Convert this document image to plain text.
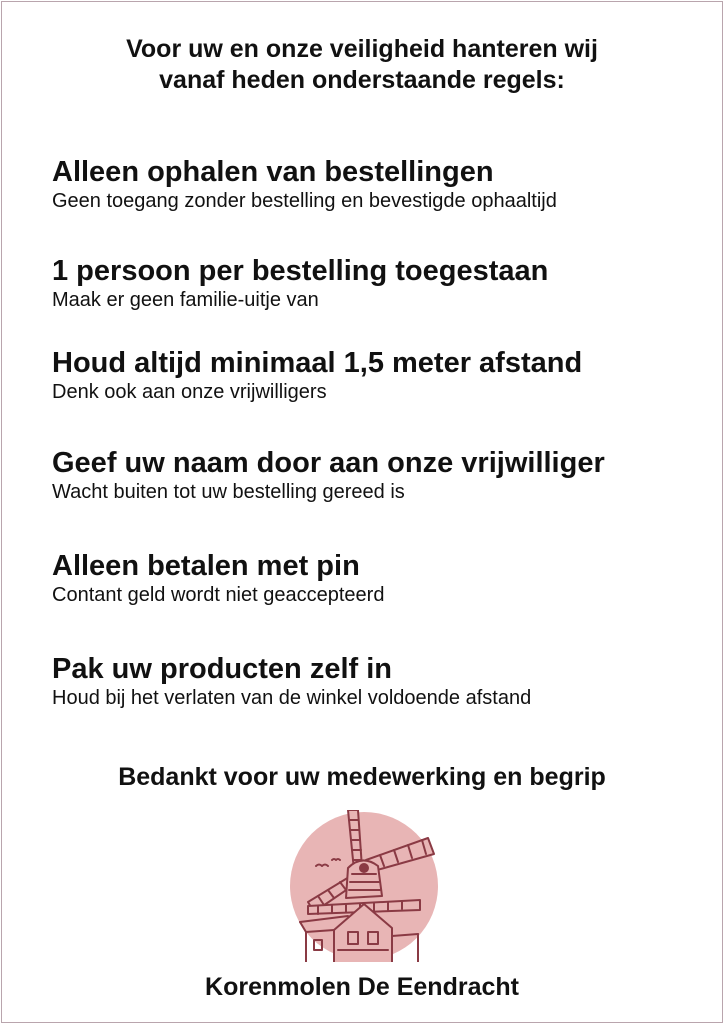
Voor uw en onze veiligheid hanteren wij
vanaf heden onderstaande regels:
Alleen ophalen van bestellingen
Geen toegang zonder bestelling en bevestigde ophaaltijd
1 persoon per bestelling toegestaan
Maak er geen familie-uitje van
Houd altijd minimaal 1,5 meter afstand
Denk ook aan onze vrijwilligers
Geef uw naam door aan onze vrijwilliger
Wacht buiten tot uw bestelling gereed is
Alleen betalen met pin
Contant geld wordt niet geaccepteerd
Pak uw producten zelf in
Houd bij het verlaten van de winkel voldoende afstand
Bedankt voor uw medewerking en begrip
Korenmolen De Eendracht
